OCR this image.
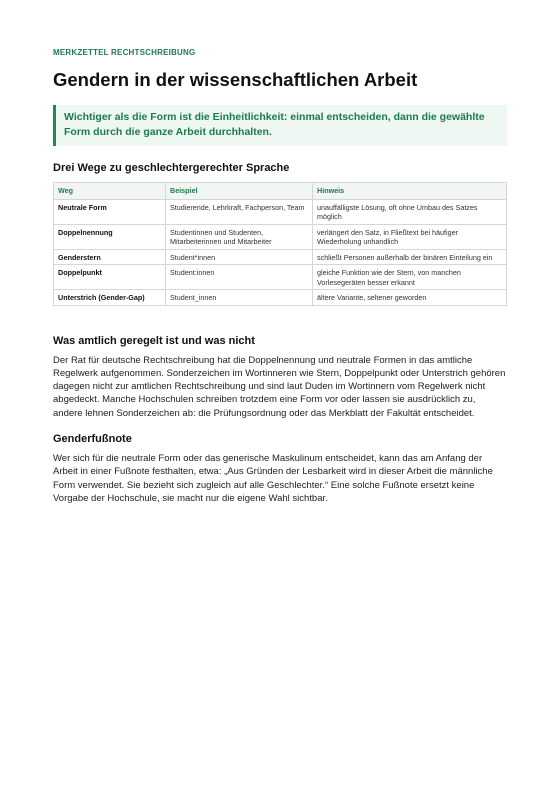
MERKZETTEL RECHTSCHREIBUNG
Gendern in der wissenschaftlichen Arbeit
Wichtiger als die Form ist die Einheitlichkeit: einmal entscheiden, dann die gewählte Form durch die ganze Arbeit durchhalten.
Drei Wege zu geschlechtergerechter Sprache
Weg	Beispiel	Hinweis
Neutrale Form	Studierende, Lehrkraft, Fachperson, Team	unauffälligste Lösung, oft ohne Umbau des Satzes möglich
Doppelnennung	Studentinnen und Studenten, Mitarbeiterinnen und Mitarbeiter	verlängert den Satz, in Fließtext bei häufiger Wiederholung unhandlich
Genderstern	Student*innen	schließt Personen außerhalb der binären Einteilung ein
Doppelpunkt	Student:innen	gleiche Funktion wie der Stern, von manchen Vorlesegeräten besser erkannt
Unterstrich (Gender-Gap)	Student_innen	ältere Variante, seltener geworden
Was amtlich geregelt ist und was nicht

Der Rat für deutsche Rechtschreibung hat die Doppelnennung und neutrale Formen in das amtliche Regelwerk aufgenommen. Sonderzeichen im Wortinneren wie Stern, Doppelpunkt oder Unterstrich gehören dagegen nicht zur amtlichen Rechtschreibung und sind laut Duden im Wortinnern vom Regelwerk nicht abgedeckt. Manche Hochschulen schreiben trotzdem eine Form vor oder lassen sie ausdrücklich zu, andere lehnen Sonderzeichen ab: die Prüfungsordnung oder das Merkblatt der Fakultät entscheidet.

Genderfußnote

Wer sich für die neutrale Form oder das generische Maskulinum entscheidet, kann das am Anfang der Arbeit in einer Fußnote festhalten, etwa: „Aus Gründen der Lesbarkeit wird in dieser Arbeit die männliche Form verwendet. Sie bezieht sich zugleich auf alle Geschlechter.“ Eine solche Fußnote ersetzt keine Vorgabe der Hochschule, sie macht nur die eigene Wahl sichtbar.
